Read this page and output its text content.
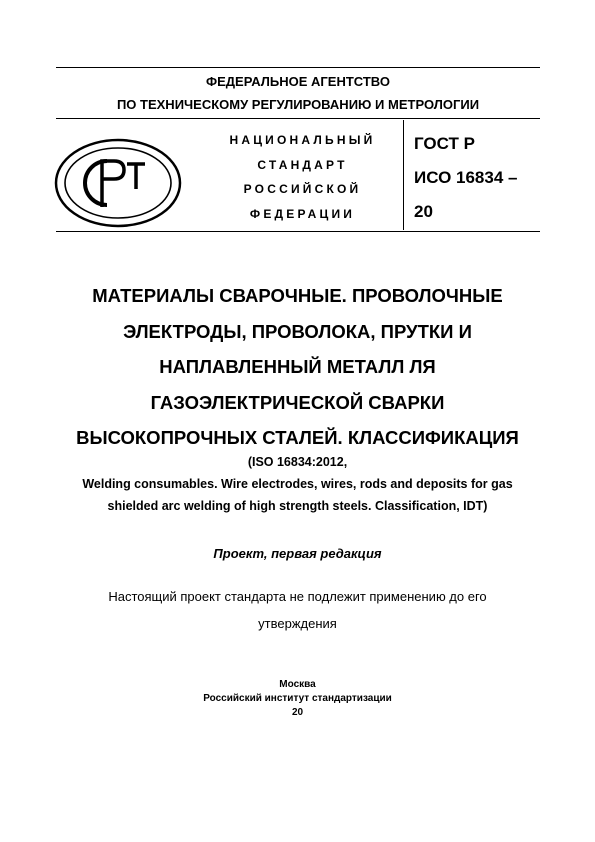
ФЕДЕРАЛЬНОЕ АГЕНТСТВО
ПО ТЕХНИЧЕСКОМУ РЕГУЛИРОВАНИЮ И МЕТРОЛОГИИ
НАЦИОНАЛЬНЫЙ
СТАНДАРТ
РОССИЙСКОЙ
ФЕДЕРАЦИИ
ГОСТ Р
ИСО 16834 –
20
МАТЕРИАЛЫ СВАРОЧНЫЕ. ПРОВОЛОЧНЫЕ
ЭЛЕКТРОДЫ, ПРОВОЛОКА, ПРУТКИ И
НАПЛАВЛЕННЫЙ МЕТАЛЛ ЛЯ
ГАЗОЭЛЕКТРИЧЕСКОЙ СВАРКИ
ВЫСОКОПРОЧНЫХ СТАЛЕЙ. КЛАССИФИКАЦИЯ
(ISO 16834:2012,
Welding consumables. Wire electrodes, wires, rods and deposits for gas
shielded arc welding of high strength steels. Classification, IDT)
Проект, первая редакция
Настоящий проект стандарта не подлежит применению до его
утверждения
Москва
Российский институт стандартизации
20
